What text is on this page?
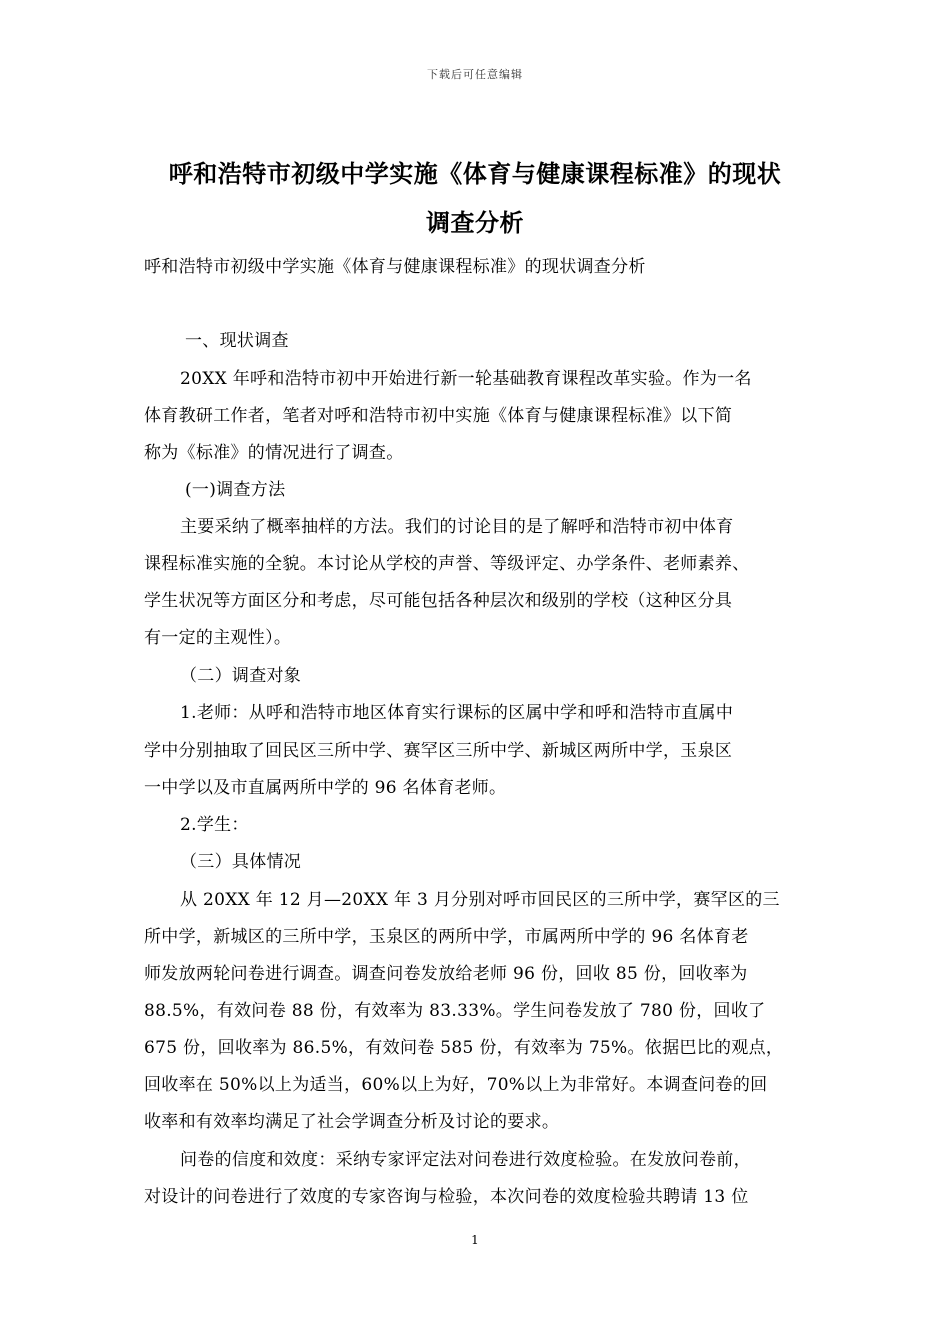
下载后可任意编辑
呼和浩特市初级中学实施《体育与健康课程标准》的现状
调查分析
呼和浩特市初级中学实施《体育与健康课程标准》的现状调查分析
一、现状调查
20XX 年呼和浩特市初中开始进行新一轮基础教育课程改革实验。作为一名
体育教研工作者，笔者对呼和浩特市初中实施《体育与健康课程标准》以下简
称为《标准》的情况进行了调查。
(一)调查方法
主要采纳了概率抽样的方法。我们的讨论目的是了解呼和浩特市初中体育
课程标准实施的全貌。本讨论从学校的声誉、等级评定、办学条件、老师素养、
学生状况等方面区分和考虑，尽可能包括各种层次和级别的学校（这种区分具
有一定的主观性）。
（二）调查对象
1.老师：从呼和浩特市地区体育实行课标的区属中学和呼和浩特市直属中
学中分别抽取了回民区三所中学、赛罕区三所中学、新城区两所中学，玉泉区
一中学以及市直属两所中学的 96 名体育老师。
2.学生：
（三）具体情况
从 20XX 年 12 月—20XX 年 3 月分别对呼市回民区的三所中学，赛罕区的三
所中学，新城区的三所中学，玉泉区的两所中学，市属两所中学的 96 名体育老
师发放两轮问卷进行调查。调查问卷发放给老师 96 份，回收 85 份，回收率为
88.5%，有效问卷 88 份，有效率为 83.33%。学生问卷发放了 780 份，回收了
675 份，回收率为 86.5%，有效问卷 585 份，有效率为 75%。依据巴比的观点，
回收率在 50%以上为适当，60%以上为好，70%以上为非常好。本调查问卷的回
收率和有效率均满足了社会学调查分析及讨论的要求。
问卷的信度和效度：采纳专家评定法对问卷进行效度检验。在发放问卷前，
对设计的问卷进行了效度的专家咨询与检验，本次问卷的效度检验共聘请 13 位
1
